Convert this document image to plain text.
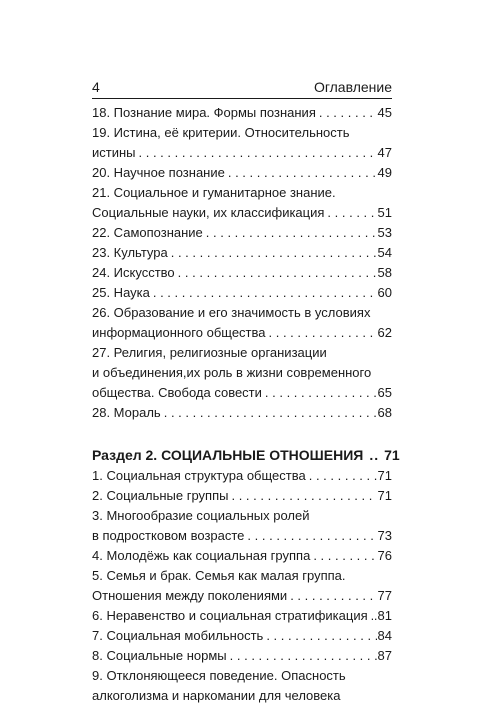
4	Оглавление
18. Познание мира. Формы познания . . .	45
19. Истина, её критерии. Относительность
истины . . .	47
20. Научное познание . . .	49
21. Социальное и гуманитарное знание.
Социальные науки, их классификация . . .	51
22. Самопознание . . .	53
23. Культура . . .	54
24. Искусство . . .	58
25. Наука . . .	60
26. Образование и его значимость в условиях
информационного общества . . .	62
27. Религия, религиозные организации
и объединения,их роль в жизни современного
общества. Свобода совести . . .	65
28. Мораль . . .	68
Раздел 2. СОЦИАЛЬНЫЕ ОТНОШЕНИЯ .. 71
1. Социальная структура общества . . .	71
2. Социальные группы . . .	71
3. Многообразие социальных ролей
в подростковом возрасте . . .	73
4. Молодёжь как социальная группа . . .	76
5. Семья и брак. Семья как малая группа.
Отношения между поколениями . . .	77
6. Неравенство и социальная стратификация . . . .81
7. Социальная мобильность . . .	84
8. Социальные нормы . . .	87
9. Отклоняющееся поведение. Опасность
алкоголизма и наркомании для человека
